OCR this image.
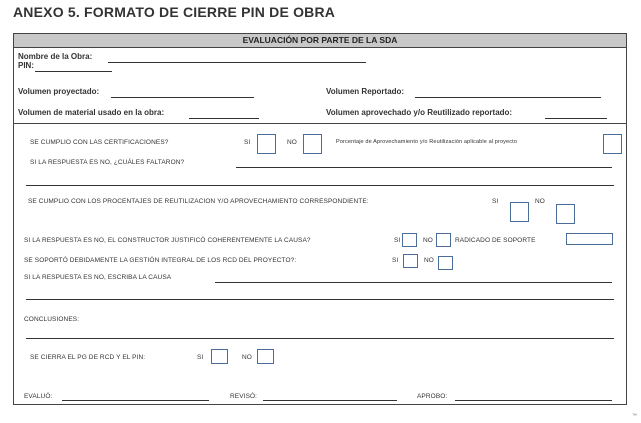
ANEXO 5. FORMATO DE CIERRE PIN DE OBRA
EVALUACIÓN POR PARTE DE LA SDA
Nombre de la Obra:
PIN:
Volumen proyectado:	Volumen Reportado:
Volumen de material usado en la obra:	Volumen aprovechado y/o Reutilizado reportado:
SE CUMPLIO CON LAS CERTIFICACIONES?	SI	NO	Porcentaje de Aprovechamiento y/o Reutilización aplicable al proyecto
SI LA RESPUESTA ES NO, ¿CUÁLES FALTARON?
SE CUMPLIO CON LOS PROCENTAJES DE REUTILIZACION Y/O APROVECHAMIENTO CORRESPONDIENTE:	SI	NO
SI LA RESPUESTA ES NO, EL CONSTRUCTOR JUSTIFICÓ COHERENTEMENTE LA CAUSA?	SI	NO	RADICADO DE SOPORTE
SE SOPORTÓ DEBIDAMENTE LA GESTIÓN INTEGRAL DE LOS RCD DEL PROYECTO?:	SI	NO
SI LA RESPUESTA ES NO, ESCRIBA LA CAUSA
CONCLUSIONES:
SE CIERRA EL PG DE RCD Y EL PIN:	SI	NO
EVALUÓ:	REVISÓ:	APROBO:
™
